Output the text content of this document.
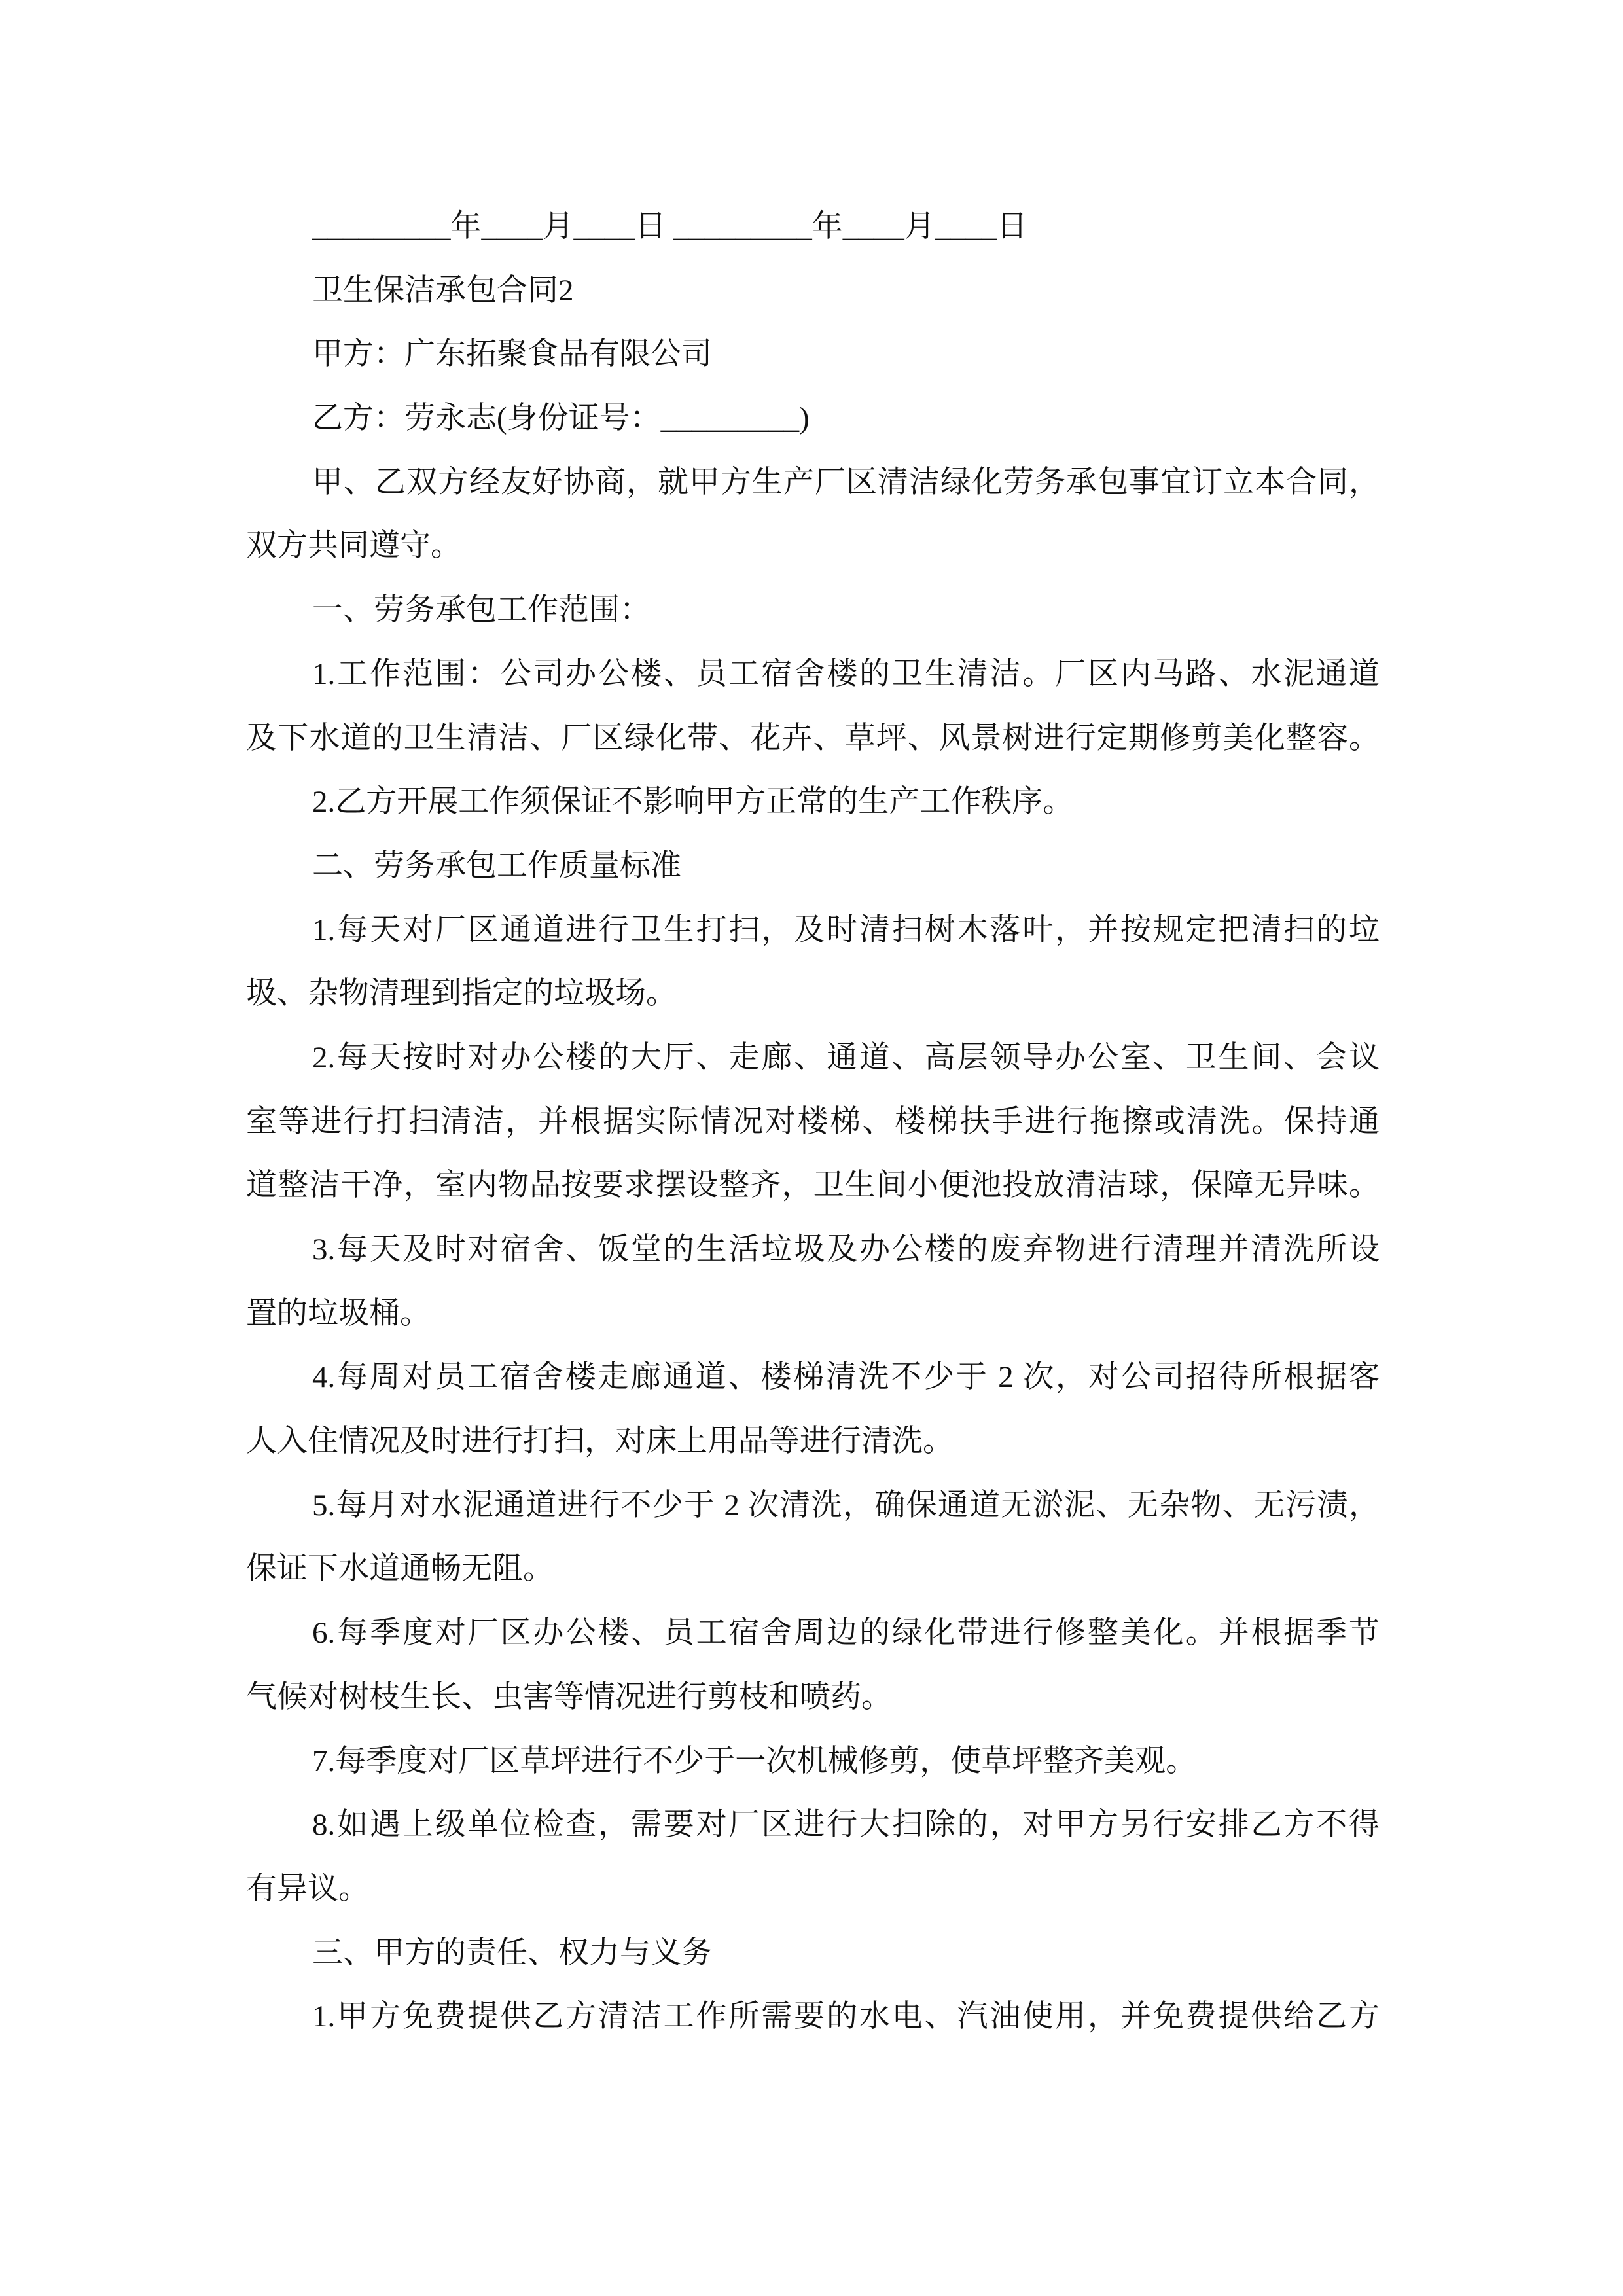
_________年____月____日 _________年____月____日
卫生保洁承包合同2
甲方：广东拓聚食品有限公司
乙方：劳永志(身份证号：_________)
甲、乙双方经友好协商，就甲方生产厂区清洁绿化劳务承包事宜订立本合同，
双方共同遵守。
一、劳务承包工作范围：
1.工作范围：公司办公楼、员工宿舍楼的卫生清洁。厂区内马路、水泥通道
及下水道的卫生清洁、厂区绿化带、花卉、草坪、风景树进行定期修剪美化整容。
2.乙方开展工作须保证不影响甲方正常的生产工作秩序。
二、劳务承包工作质量标准
1.每天对厂区通道进行卫生打扫，及时清扫树木落叶，并按规定把清扫的垃
圾、杂物清理到指定的垃圾场。
2.每天按时对办公楼的大厅、走廊、通道、高层领导办公室、卫生间、会议
室等进行打扫清洁，并根据实际情况对楼梯、楼梯扶手进行拖擦或清洗。保持通
道整洁干净，室内物品按要求摆设整齐，卫生间小便池投放清洁球，保障无异味。
3.每天及时对宿舍、饭堂的生活垃圾及办公楼的废弃物进行清理并清洗所设
置的垃圾桶。
4.每周对员工宿舍楼走廊通道、楼梯清洗不少于 2 次，对公司招待所根据客
人入住情况及时进行打扫，对床上用品等进行清洗。
5.每月对水泥通道进行不少于 2 次清洗，确保通道无淤泥、无杂物、无污渍，
保证下水道通畅无阻。
6.每季度对厂区办公楼、员工宿舍周边的绿化带进行修整美化。并根据季节
气候对树枝生长、虫害等情况进行剪枝和喷药。
7.每季度对厂区草坪进行不少于一次机械修剪，使草坪整齐美观。
8.如遇上级单位检查，需要对厂区进行大扫除的，对甲方另行安排乙方不得
有异议。
三、甲方的责任、权力与义务
1.甲方免费提供乙方清洁工作所需要的水电、汽油使用，并免费提供给乙方
